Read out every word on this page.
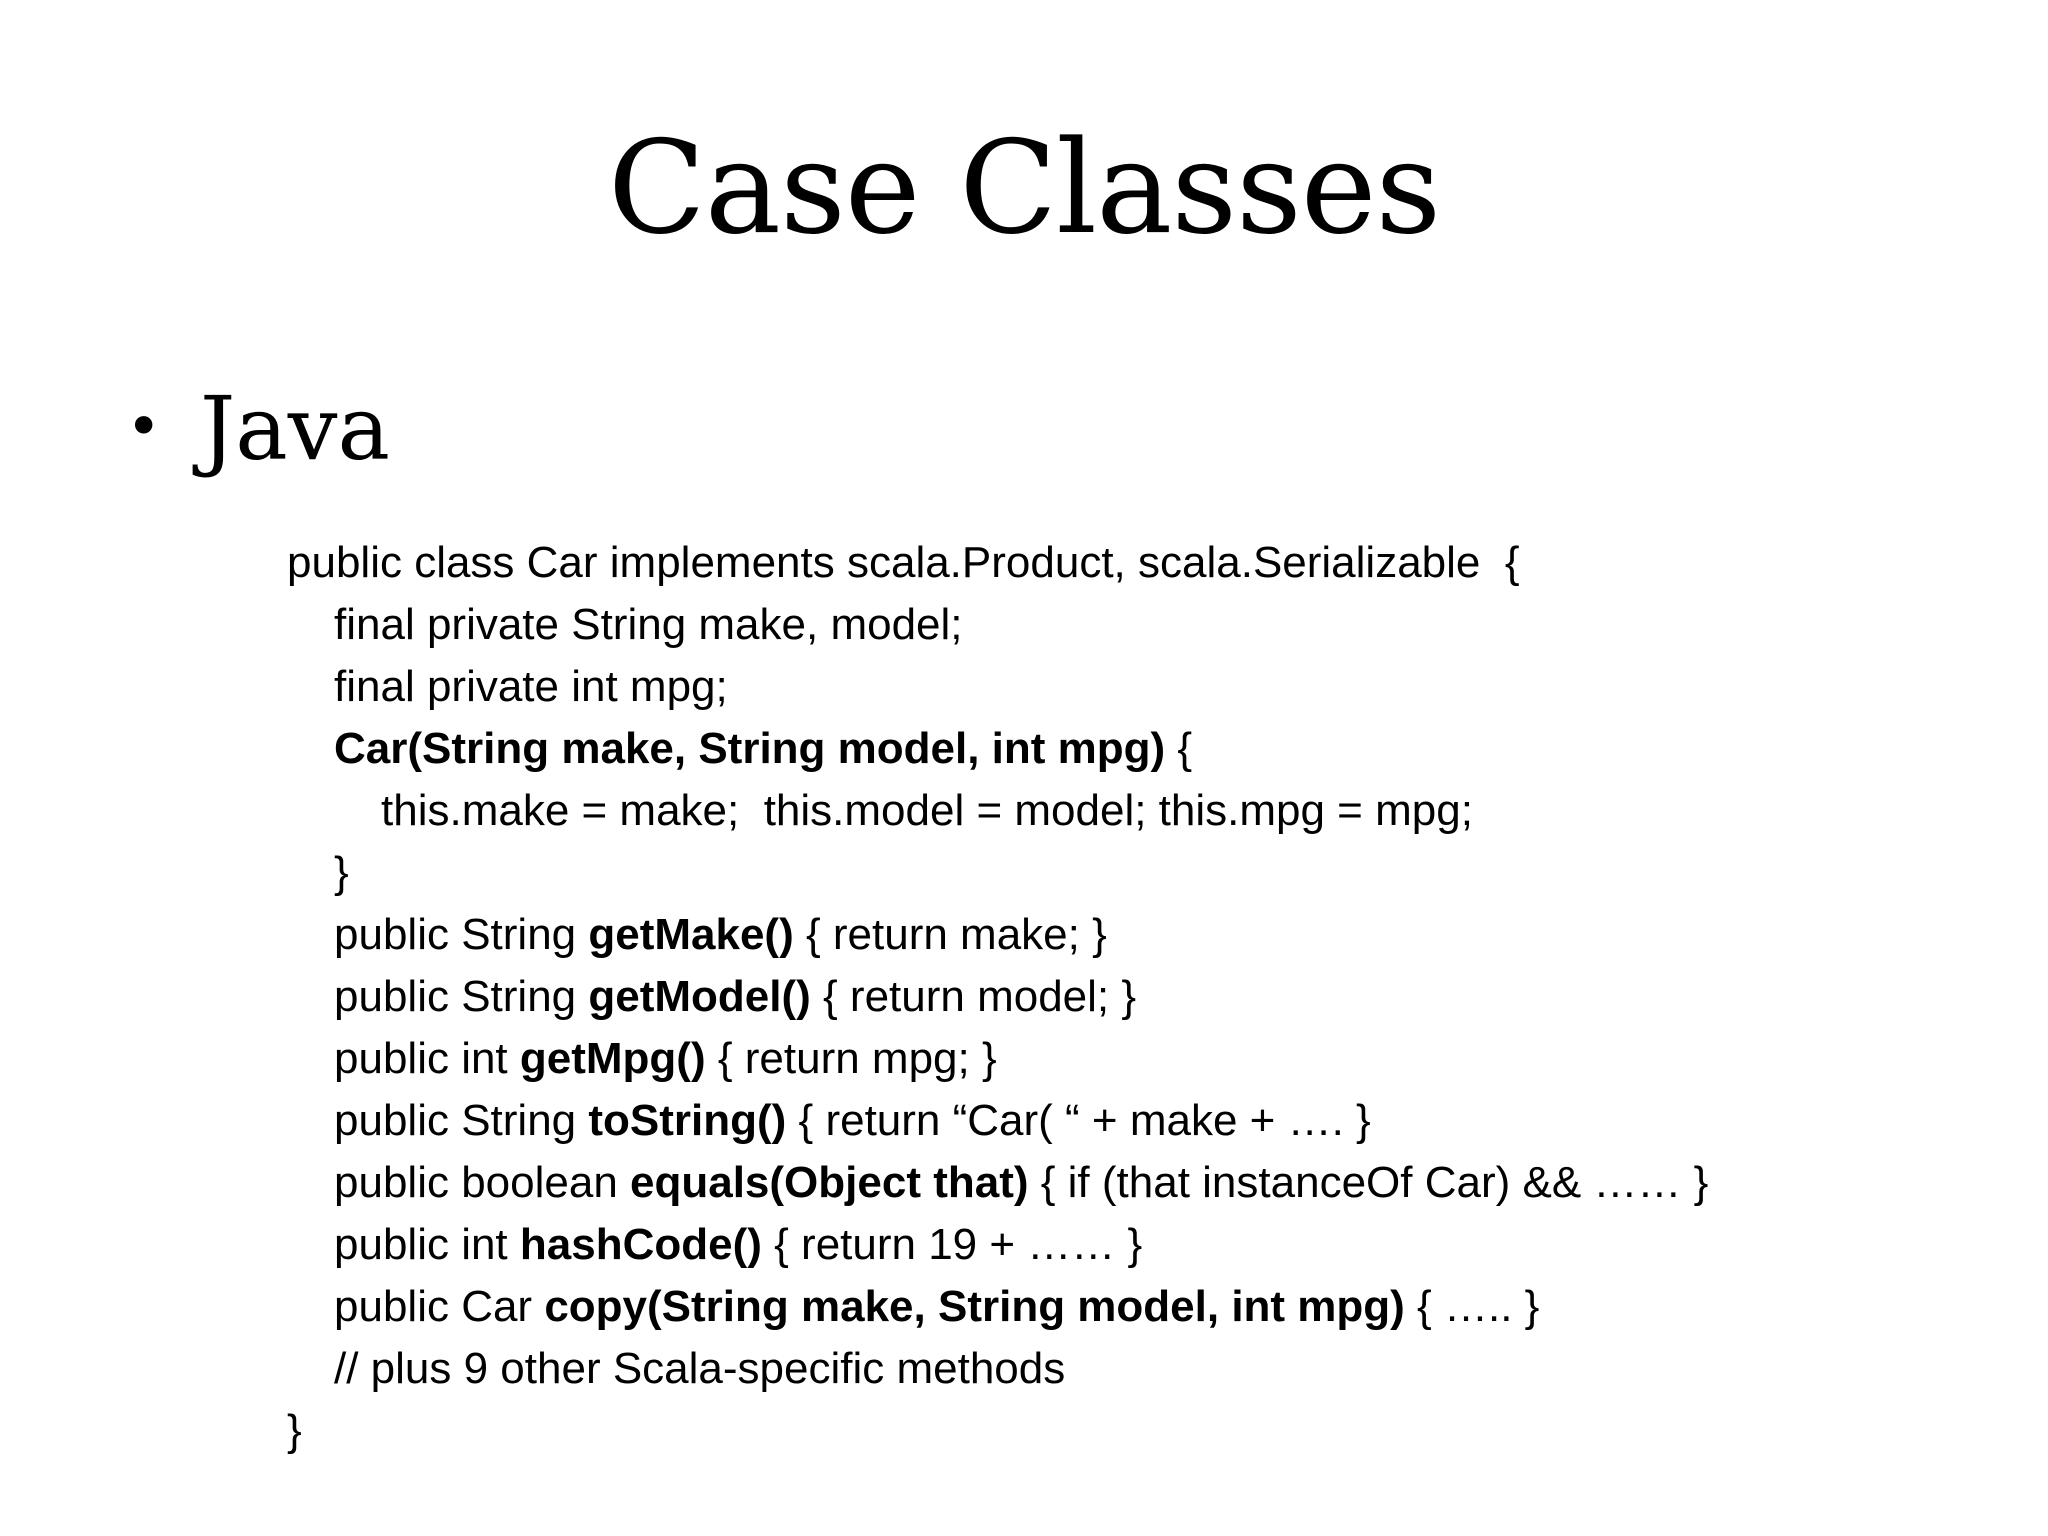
Case Classes
• Java
public class Car implements scala.Product, scala.Serializable  {
final private String make, model;
final private int mpg;
Car(String make, String model, int mpg) {
this.make = make;  this.model = model; this.mpg = mpg;
}
public String getMake() { return make; }
public String getModel() { return model; }
public int getMpg() { return mpg; }
public String toString() { return “Car( “ + make + …. }
public boolean equals(Object that) { if (that instanceOf Car) && …… }
public int hashCode() { return 19 + …… }
public Car copy(String make, String model, int mpg) { ….. }
// plus 9 other Scala-specific methods
}
